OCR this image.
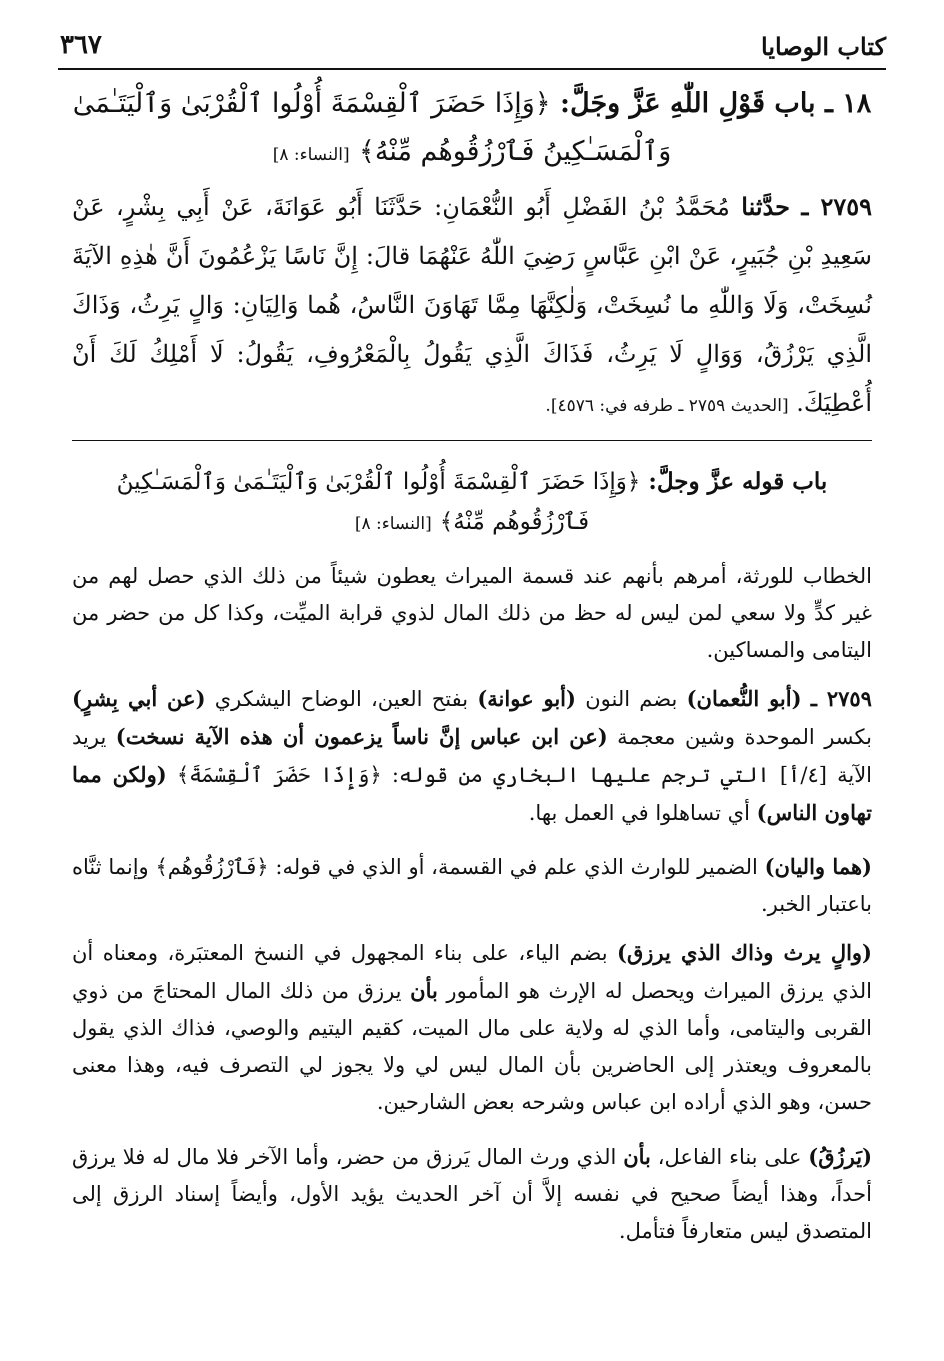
كتاب الوصايا
٣٦٧
١٨ ـ باب قَوْلِ اللّٰهِ عَزَّ وجَلَّ: ﴿وَإِذَا حَضَرَ ٱلْقِسْمَةَ أُوْلُوا ٱلْقُرْبَىٰ وَٱلْيَتَـٰمَىٰ وَٱلْمَسَـٰكِينُ فَٱرْزُقُوهُم مِّنْهُ﴾ [النساء: ٨]
٢٧٥٩ ـ حدَّثنا مُحَمَّدُ بْنُ الفَضْلِ أَبُو النُّعْمَانِ: حَدَّثَنَا أَبُو عَوَانَةَ، عَنْ أَبِي بِشْرٍ، عَنْ سَعِيدِ بْنِ جُبَيرٍ، عَنْ ابْنِ عَبَّاسٍ رَضِيَ اللّٰهُ عَنْهُمَا قالَ: إِنَّ نَاسًا يَزْعُمُونَ أَنَّ هٰذِهِ الآيَةَ نُسِخَتْ، وَلَا وَاللّٰهِ ما نُسِخَتْ، وَلٰكِنَّهَا مِمَّا تَهَاوَنَ النَّاسُ، هُما وَالِيَانِ: وَالٍ يَرِثُ، وَذَاكَ الَّذِي يَرْزُقُ، وَوَالٍ لَا يَرِثُ، فَذَاكَ الَّذِي يَقُولُ بِالْمَعْرُوفِ، يَقُولُ: لَا أَمْلِكُ لَكَ أَنْ أُعْطِيَكَ. [الحديث ٢٧٥٩ ـ طرفه في: ٤٥٧٦].
باب قوله عزَّ وجلَّ: ﴿وَإِذَا حَضَرَ ٱلْقِسْمَةَ أُوْلُوا ٱلْقُرْبَىٰ وَٱلْيَتَـٰمَىٰ وَٱلْمَسَـٰكِينُ فَٱرْزُقُوهُم مِّنْهُ﴾ [النساء: ٨]
الخطاب للورثة، أمرهم بأنهم عند قسمة الميراث يعطون شيئاً من ذلك الذي حصل لهم من غير كدٍّ ولا سعي لمن ليس له حظ من ذلك المال لذوي قرابة الميِّت، وكذا كل من حضر من اليتامى والمساكين.
٢٧٥٩ ـ (أبو النُّعمان) بضم النون (أبو عوانة) بفتح العين، الوضاح اليشكري (عن أبي بِشرٍ) بكسر الموحدة وشين معجمة (عن ابن عباس إنَّ ناساً يزعمون أن هذه الآية نسخت) يريد الآية [٤/أ] التي ترجم عليها البخاري من قوله: ﴿وَإِذَا حَضَرَ ٱلْقِسْمَةَ﴾ (ولكن مما تهاون الناس) أي تساهلوا في العمل بها.
(هما واليان) الضمير للوارث الذي علم في القسمة، أو الذي في قوله: ﴿فَٱرْزُقُوهُم﴾ وإنما ثنَّاه باعتبار الخبر.
(والٍ يرث وذاك الذي يرزق) بضم الياء، على بناء المجهول في النسخ المعتبَرة، ومعناه أن الذي يرزق الميراث ويحصل له الإرث هو المأمور بأن يرزق من ذلك المال المحتاجَ من ذوي القربى واليتامى، وأما الذي له ولاية على مال الميت، كقيم اليتيم والوصي، فذاك الذي يقول بالمعروف ويعتذر إلى الحاضرين بأن المال ليس لي ولا يجوز لي التصرف فيه، وهذا معنى حسن، وهو الذي أراده ابن عباس وشرحه بعض الشارحين.
(يَرزُقُ) على بناء الفاعل، بأن الذي ورث المال يَرزق من حضر، وأما الآخر فلا مال له فلا يرزق أحداً، وهذا أيضاً صحيح في نفسه إلاَّ أن آخر الحديث يؤيد الأول، وأيضاً إسناد الرزق إلى المتصدق ليس متعارفاً فتأمل.
